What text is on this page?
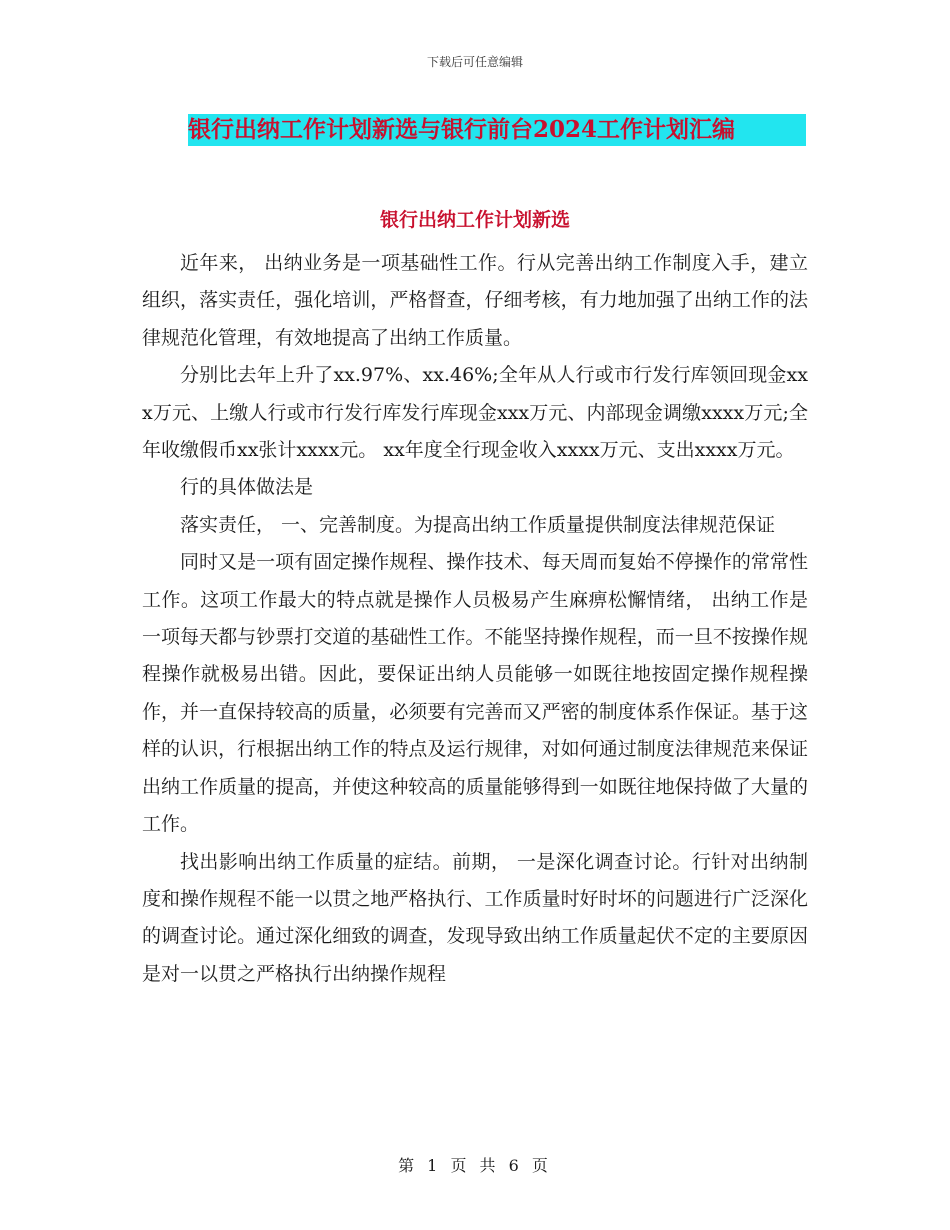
下载后可任意编辑
银行出纳工作计划新选与银行前台2024工作计划汇编
银行出纳工作计划新选

近年来， 出纳业务是一项基础性工作。行从完善出纳工作制度入手，建立组织，落实责任，强化培训，严格督查，仔细考核，有力地加强了出纳工作的法律规范化管理，有效地提高了出纳工作质量。

分别比去年上升了xx.97%、xx.46%;全年从人行或市行发行库领回现金xxx万元、上缴人行或市行发行库发行库现金xxx万元、内部现金调缴xxxx万元;全年收缴假币xx张计xxxx元。 xx年度全行现金收入xxxx万元、支出xxxx万元。

行的具体做法是

落实责任， 一、完善制度。为提高出纳工作质量提供制度法律规范保证

同时又是一项有固定操作规程、操作技术、每天周而复始不停操作的常常性工作。这项工作最大的特点就是操作人员极易产生麻痹松懈情绪， 出纳工作是一项每天都与钞票打交道的基础性工作。不能坚持操作规程，而一旦不按操作规程操作就极易出错。因此，要保证出纳人员能够一如既往地按固定操作规程操作，并一直保持较高的质量，必须要有完善而又严密的制度体系作保证。基于这样的认识，行根据出纳工作的特点及运行规律，对如何通过制度法律规范来保证出纳工作质量的提高，并使这种较高的质量能够得到一如既往地保持做了大量的工作。

找出影响出纳工作质量的症结。前期， 一是深化调查讨论。行针对出纳制度和操作规程不能一以贯之地严格执行、工作质量时好时坏的问题进行广泛深化的调查讨论。通过深化细致的调查，发现导致出纳工作质量起伏不定的主要原因是对一以贯之严格执行出纳操作规程

第 1 页 共 6 页
